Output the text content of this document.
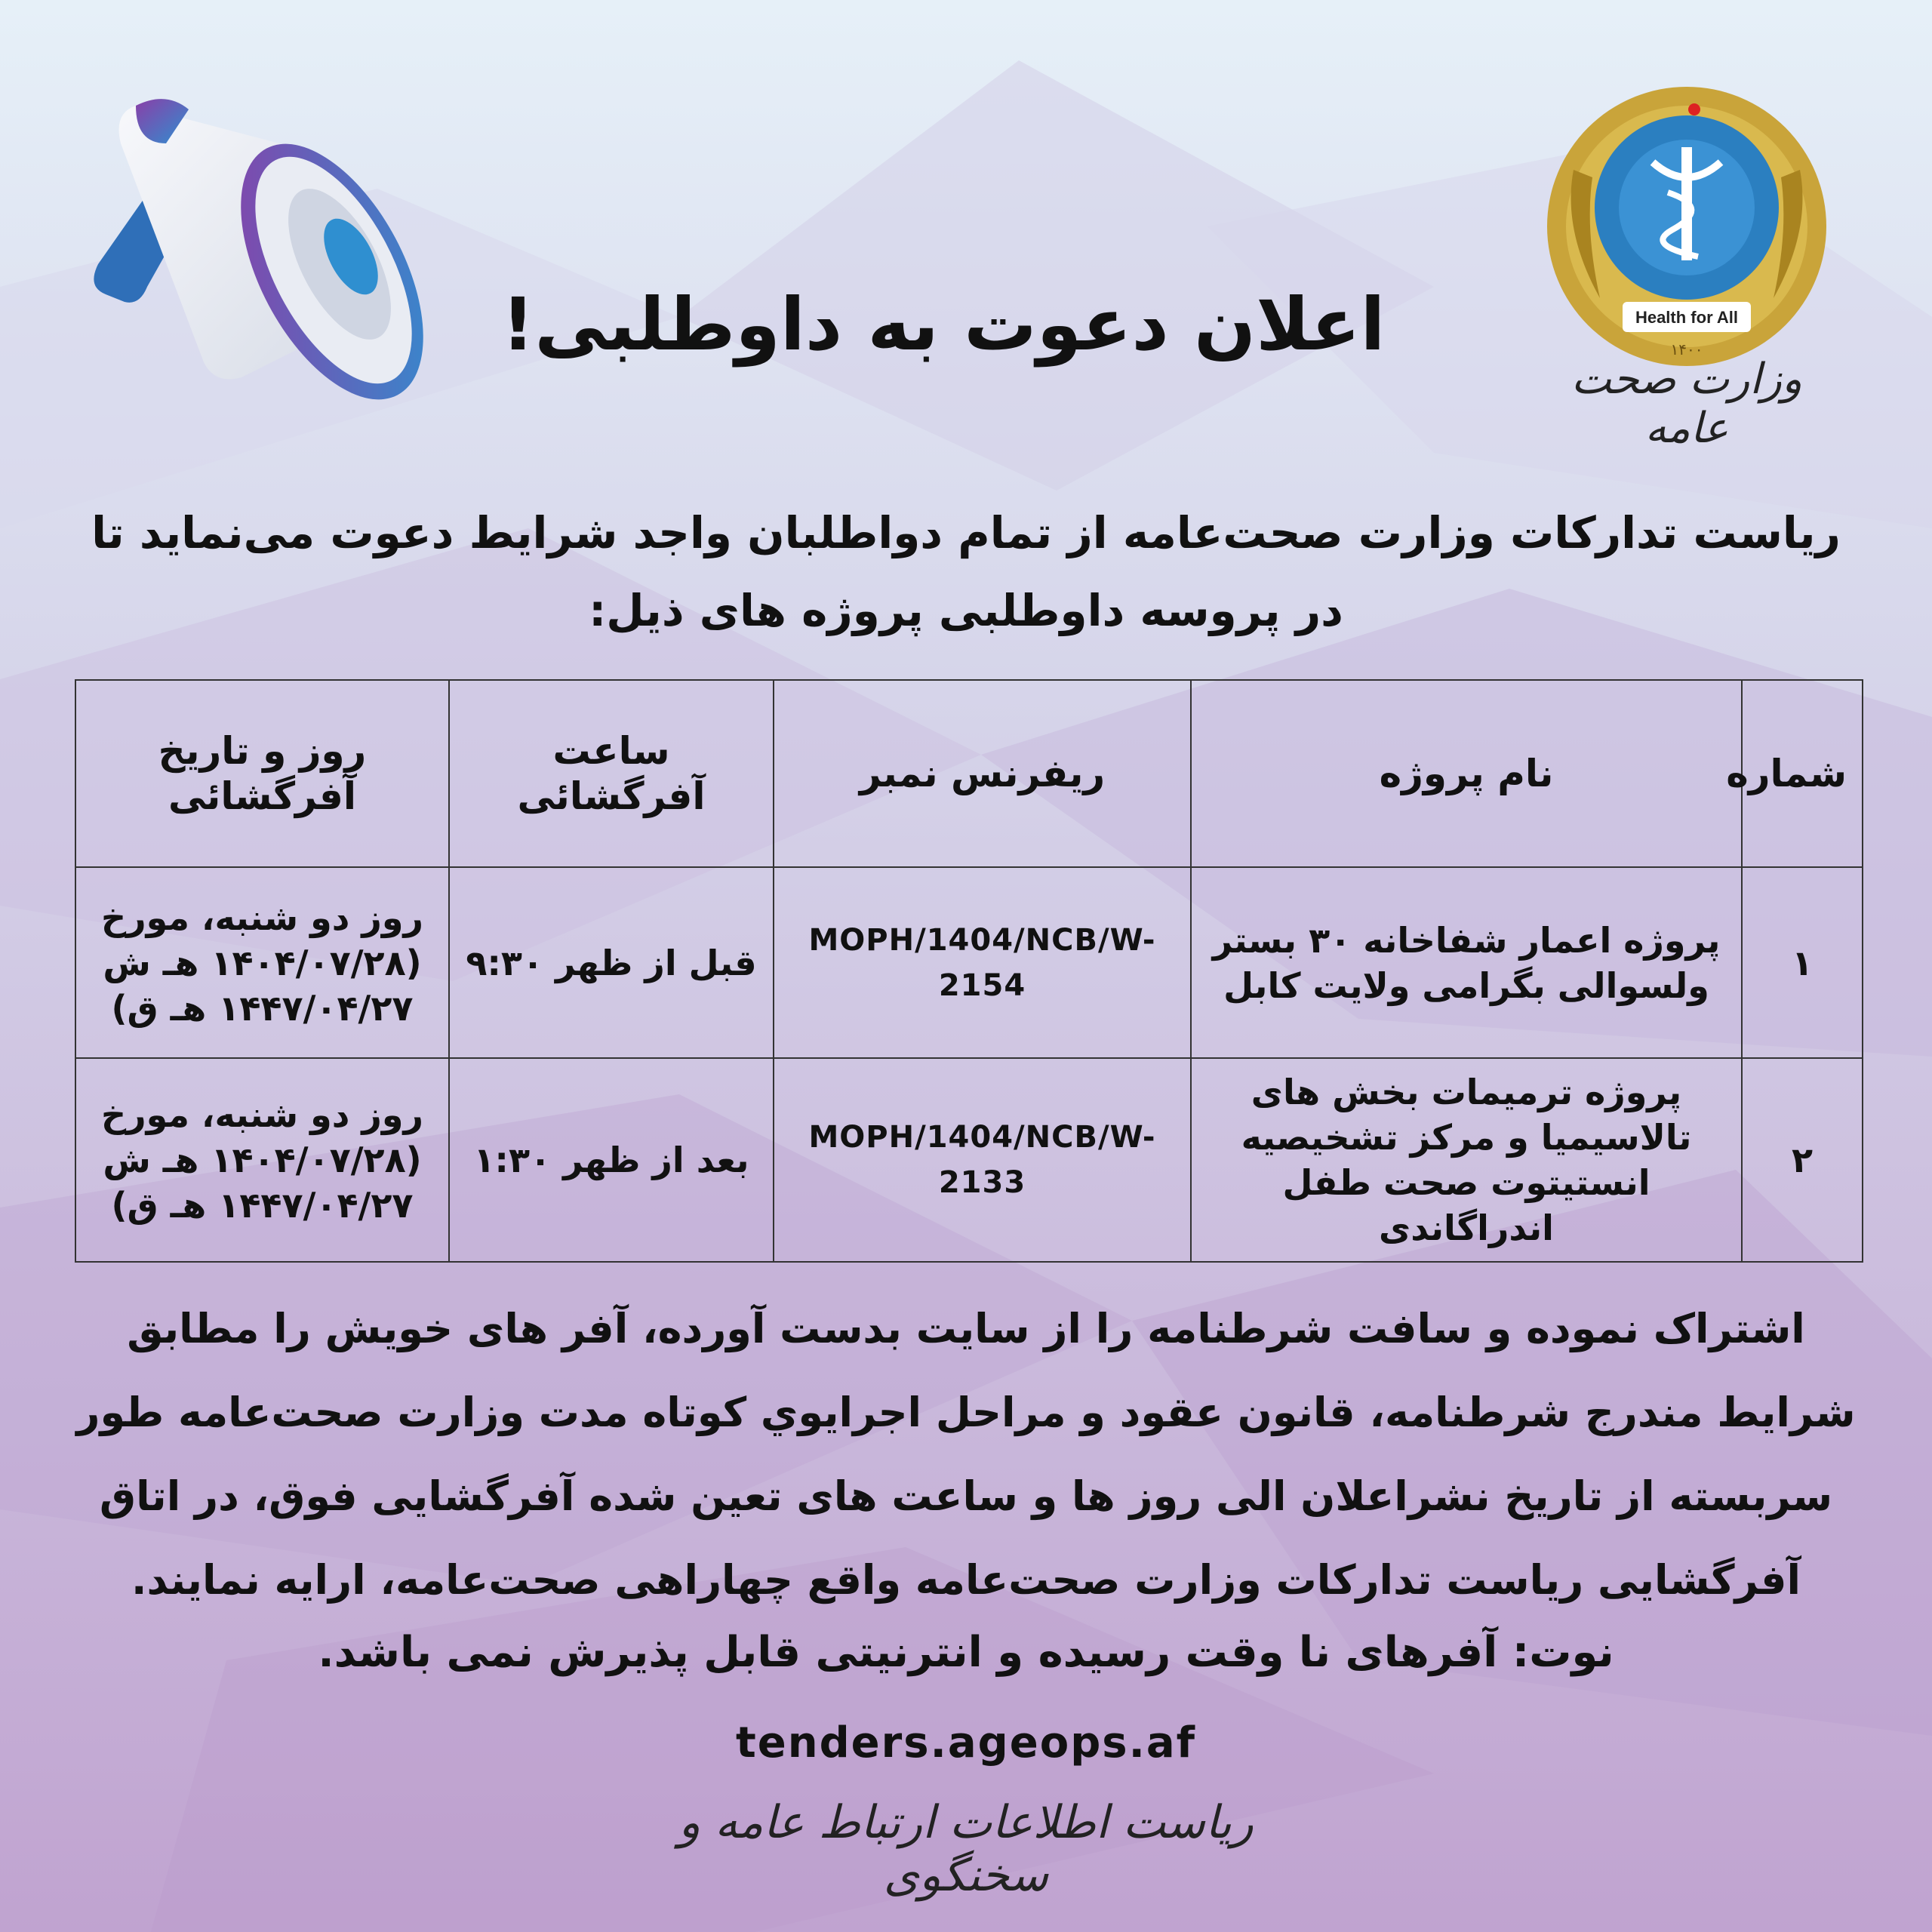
Health for All
۱۴۰۰
وزارت صحت عامه
اعلان دعوت به داوطلبی!
ریاست تدارکات وزارت صحت‌عامه از تمام دواطلبان واجد شرایط دعوت می‌نماید تا در پروسه داوطلبی پروژه های ذیل:
شماره	نام پروژه	ریفرنس نمبر	ساعت آفرگشائی	روز و تاریخ آفرگشائی
۱	پروژه اعمار شفاخانه ۳۰ بستر ولسوالی بگرامی ولایت کابل	MOPH/1404/NCB/W-2154	قبل از ظهر ۹:۳۰	روز دو شنبه، مورخ (۱۴۰۴/۰۷/۲۸ هـ ش ۱۴۴۷/۰۴/۲۷ هـ ق)
۲	پروژه ترمیمات بخش های تالاسیمیا و مرکز تشخیصیه انستیتوت صحت طفل اندراگاندی	MOPH/1404/NCB/W-2133	بعد از ظهر ۱:۳۰	روز دو شنبه، مورخ (۱۴۰۴/۰۷/۲۸ هـ ش ۱۴۴۷/۰۴/۲۷ هـ ق)
اشتراک نموده و سافت شرطنامه را از سایت بدست آورده، آفر های خویش را مطابق شرایط مندرج شرطنامه، قانون عقود و مراحل اجرایوي کوتاه مدت وزارت صحت‌عامه طور سربسته از تاریخ نشراعلان الی روز ها و ساعت های تعین شده آفرگشایی فوق، در اتاق آفرگشایی ریاست تدارکات وزارت صحت‌عامه واقع چهاراهی صحت‌عامه، ارایه نمایند.
نوت: آفرهای نا وقت رسیده و انترنیتی قابل پذیرش نمی باشد.
tenders.ageops.af
ریاست اطلاعات ارتباط عامه و سخنگوی
